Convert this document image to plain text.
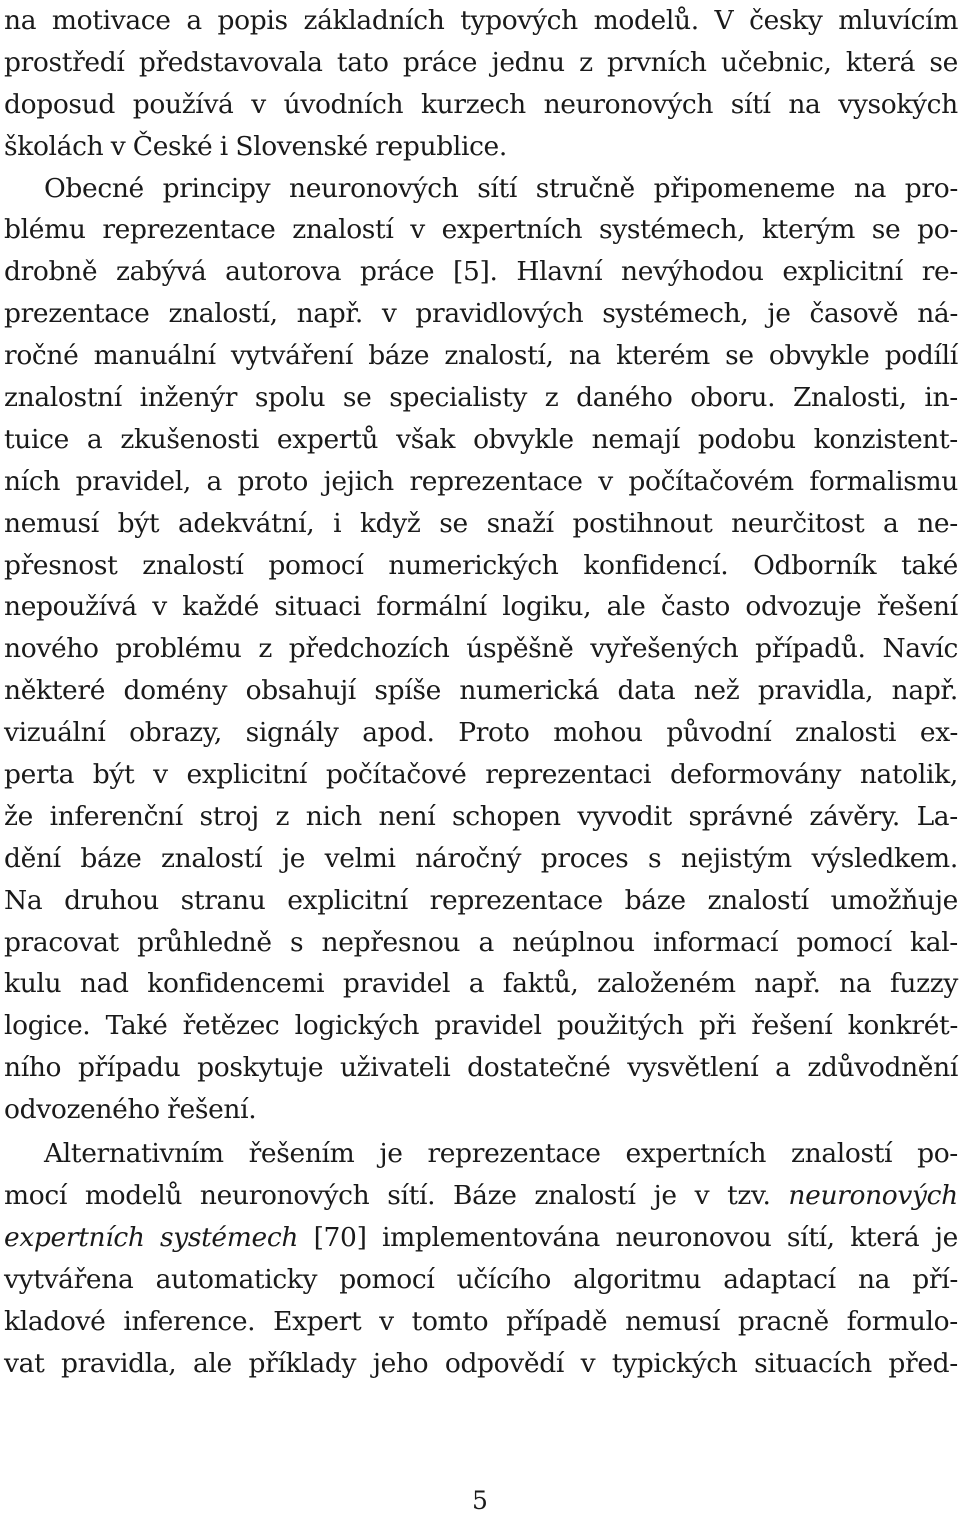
na motivace a popis základních typových modelů. V česky mluvícím
prostředí představovala tato práce jednu z prvních učebnic, která se
doposud používá v úvodních kurzech neuronových sítí na vysokých
školách v České i Slovenské republice.
Obecné principy neuronových sítí stručně připomeneme na pro-
blému reprezentace znalostí v expertních systémech, kterým se po-
drobně zabývá autorova práce [5]. Hlavní nevýhodou explicitní re-
prezentace znalostí, např. v pravidlových systémech, je časově ná-
ročné manuální vytváření báze znalostí, na kterém se obvykle podílí
znalostní inženýr spolu se specialisty z daného oboru. Znalosti, in-
tuice a zkušenosti expertů však obvykle nemají podobu konzistent-
ních pravidel, a proto jejich reprezentace v počítačovém formalismu
nemusí být adekvátní, i když se snaží postihnout neurčitost a ne-
přesnost znalostí pomocí numerických konfidencí. Odborník také
nepoužívá v každé situaci formální logiku, ale často odvozuje řešení
nového problému z předchozích úspěšně vyřešených případů. Navíc
některé domény obsahují spíše numerická data než pravidla, např.
vizuální obrazy, signály apod. Proto mohou původní znalosti ex-
perta být v explicitní počítačové reprezentaci deformovány natolik,
že inferenční stroj z nich není schopen vyvodit správné závěry. La-
dění báze znalostí je velmi náročný proces s nejistým výsledkem.
Na druhou stranu explicitní reprezentace báze znalostí umožňuje
pracovat průhledně s nepřesnou a neúplnou informací pomocí kal-
kulu nad konfidencemi pravidel a faktů, založeném např. na fuzzy
logice. Také řetězec logických pravidel použitých při řešení konkrét-
ního případu poskytuje uživateli dostatečné vysvětlení a zdůvodnění
odvozeného řešení.
Alternativním řešením je reprezentace expertních znalostí po-
mocí modelů neuronových sítí. Báze znalostí je v tzv. neuronových
expertních systémech [70] implementována neuronovou sítí, která je
vytvářena automaticky pomocí učícího algoritmu adaptací na pří-
kladové inference. Expert v tomto případě nemusí pracně formulo-
vat pravidla, ale příklady jeho odpovědí v typických situacích před-
5
